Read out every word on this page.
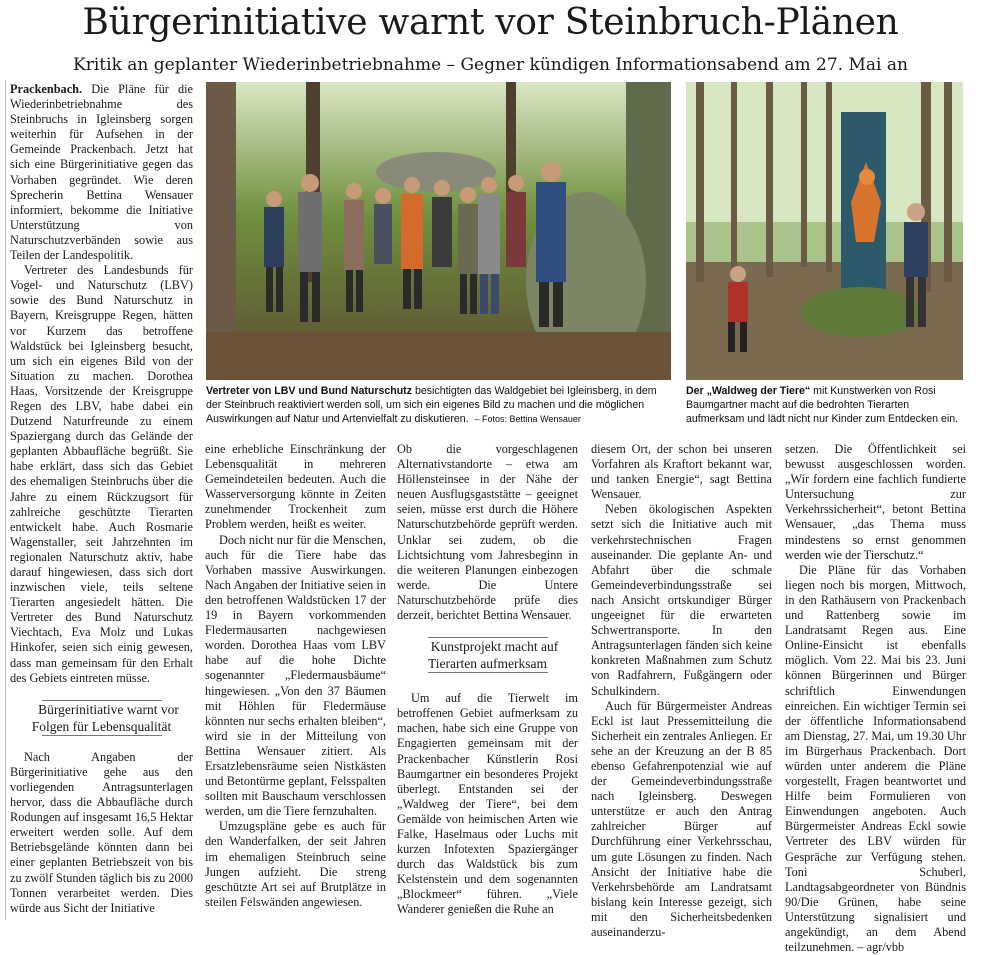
Bürgerinitiative warnt vor Steinbruch-Plänen
Kritik an geplanter Wiederinbetriebnahme – Gegner kündigen Informationsabend am 27. Mai an

Prackenbach. Die Pläne für die Wiederinbetriebnahme des Steinbruchs in Igleinsberg sorgen weiterhin für Aufsehen in der Gemeinde Prackenbach. Jetzt hat sich eine Bürgerinitiative gegen das Vorhaben gegründet. Wie deren Sprecherin Bettina Wensauer informiert, bekomme die Initiative Unterstützung von Naturschutzverbänden sowie aus Teilen der Landespolitik.

Vertreter des Landesbunds für Vogel- und Naturschutz (LBV) sowie des Bund Naturschutz in Bayern, Kreisgruppe Regen, hätten vor Kurzem das betroffene Waldstück bei Igleinsberg besucht, um sich ein eigenes Bild von der Situation zu machen. Dorothea Haas, Vorsitzende der Kreisgruppe Regen des LBV, habe dabei ein Dutzend Naturfreunde zu einem Spaziergang durch das Gelände der geplanten Abbaufläche begrüßt. Sie habe erklärt, dass sich das Gebiet des ehemaligen Steinbruchs über die Jahre zu einem Rückzugsort für zahlreiche geschützte Tierarten entwickelt habe. Auch Rosmarie Wagenstaller, seit Jahrzehnten im regionalen Naturschutz aktiv, habe darauf hingewiesen, dass sich dort inzwischen viele, teils seltene Tierarten angesiedelt hätten. Die Vertreter des Bund Naturschutz Viechtach, Eva Molz und Lukas Hinkofer, seien sich einig gewesen, dass man gemeinsam für den Erhalt des Gebiets eintreten müsse.

Bürgerinitiative warnt vor Folgen für Lebensqualität

Nach Angaben der Bürgerinitiative gehe aus den vorliegenden Antragsunterlagen hervor, dass die Abbaufläche durch Rodungen auf insgesamt 16,5 Hektar erweitert werden solle. Auf dem Betriebsgelände könnten dann bei einer geplanten Betriebszeit von bis zu zwölf Stunden täglich bis zu 2000 Tonnen verarbeitet werden. Dies würde aus Sicht der Initiative

Vertreter von LBV und Bund Naturschutz besichtigten das Waldgebiet bei Igleinsberg, in dem der Steinbruch reaktiviert werden soll, um sich ein eigenes Bild zu machen und die möglichen Auswirkungen auf Natur und Artenvielfalt zu diskutieren. – Fotos: Bettina Wensauer
Der „Waldweg der Tiere“ mit Kunstwerken von Rosi Baumgartner macht auf die bedrohten Tierarten aufmerksam und lädt nicht nur Kinder zum Entdecken ein.

eine erhebliche Einschränkung der Lebensqualität in mehreren Gemeindeteilen bedeuten. Auch die Wasserversorgung könnte in Zeiten zunehmender Trockenheit zum Problem werden, heißt es weiter.

Doch nicht nur für die Menschen, auch für die Tiere habe das Vorhaben massive Auswirkungen. Nach Angaben der Initiative seien in den betroffenen Waldstücken 17 der 19 in Bayern vorkommenden Fledermausarten nachgewiesen worden. Dorothea Haas vom LBV habe auf die hohe Dichte sogenannter „Fledermausbäume“ hingewiesen. „Von den 37 Bäumen mit Höhlen für Fledermäuse könnten nur sechs erhalten bleiben“, wird sie in der Mitteilung von Bettina Wensauer zitiert. Als Ersatzlebensräume seien Nistkästen und Betontürme geplant, Felsspalten sollten mit Bauschaum verschlossen werden, um die Tiere fernzuhalten.

Umzugspläne gebe es auch für den Wanderfalken, der seit Jahren im ehemaligen Steinbruch seine Jungen aufzieht. Die streng geschützte Art sei auf Brutplätze in steilen Felswänden angewiesen.

Ob die vorgeschlagenen Alternativstandorte – etwa am Höllensteinsee in der Nähe der neuen Ausflugsgaststätte – geeignet seien, müsse erst durch die Höhere Naturschutzbehörde geprüft werden. Unklar sei zudem, ob die Lichtsichtung vom Jahresbeginn in die weiteren Planungen einbezogen werde. Die Untere Naturschutzbehörde prüfe dies derzeit, berichtet Bettina Wensauer.

Kunstprojekt macht auf Tierarten aufmerksam

Um auf die Tierwelt im betroffenen Gebiet aufmerksam zu machen, habe sich eine Gruppe von Engagierten gemeinsam mit der Prackenbacher Künstlerin Rosi Baumgartner ein besonderes Projekt überlegt. Entstanden sei der „Waldweg der Tiere“, bei dem Gemälde von heimischen Arten wie Falke, Haselmaus oder Luchs mit kurzen Infotexten Spaziergänger durch das Waldstück bis zum Kelstenstein und dem sogenannten „Blockmeer“ führen. „Viele Wanderer genießen die Ruhe an

diesem Ort, der schon bei unseren Vorfahren als Kraftort bekannt war, und tanken Energie“, sagt Bettina Wensauer.

Neben ökologischen Aspekten setzt sich die Initiative auch mit verkehrstechnischen Fragen auseinander. Die geplante An- und Abfahrt über die schmale Gemeindeverbindungsstraße sei nach Ansicht ortskundiger Bürger ungeeignet für die erwarteten Schwertransporte. In den Antragsunterlagen fänden sich keine konkreten Maßnahmen zum Schutz von Radfahrern, Fußgängern oder Schulkindern.

Auch für Bürgermeister Andreas Eckl ist laut Pressemitteilung die Sicherheit ein zentrales Anliegen. Er sehe an der Kreuzung an der B 85 ebenso Gefahrenpotenzial wie auf der Gemeindeverbindungsstraße nach Igleinsberg. Deswegen unterstütze er auch den Antrag zahlreicher Bürger auf Durchführung einer Verkehrsschau, um gute Lösungen zu finden. Nach Ansicht der Initiative habe die Verkehrsbehörde am Landratsamt bislang kein Interesse gezeigt, sich mit den Sicherheitsbedenken auseinanderzu-

setzen. Die Öffentlichkeit sei bewusst ausgeschlossen worden. „Wir fordern eine fachlich fundierte Untersuchung zur Verkehrssicherheit“, betont Bettina Wensauer, „das Thema muss mindestens so ernst genommen werden wie der Tierschutz.“

Die Pläne für das Vorhaben liegen noch bis morgen, Mittwoch, in den Rathäusern von Prackenbach und Rattenberg sowie im Landratsamt Regen aus. Eine Online-Einsicht ist ebenfalls möglich. Vom 22. Mai bis 23. Juni können Bürgerinnen und Bürger schriftlich Einwendungen einreichen. Ein wichtiger Termin sei der öffentliche Informationsabend am Dienstag, 27. Mai, um 19.30 Uhr im Bürgerhaus Prackenbach. Dort würden unter anderem die Pläne vorgestellt, Fragen beantwortet und Hilfe beim Formulieren von Einwendungen angeboten. Auch Bürgermeister Andreas Eckl sowie Vertreter des LBV würden für Gespräche zur Verfügung stehen. Toni Schuberl, Landtagsabgeordneter von Bündnis 90/Die Grünen, habe seine Unterstützung signalisiert und angekündigt, an dem Abend teilzunehmen. – agr/vbb
